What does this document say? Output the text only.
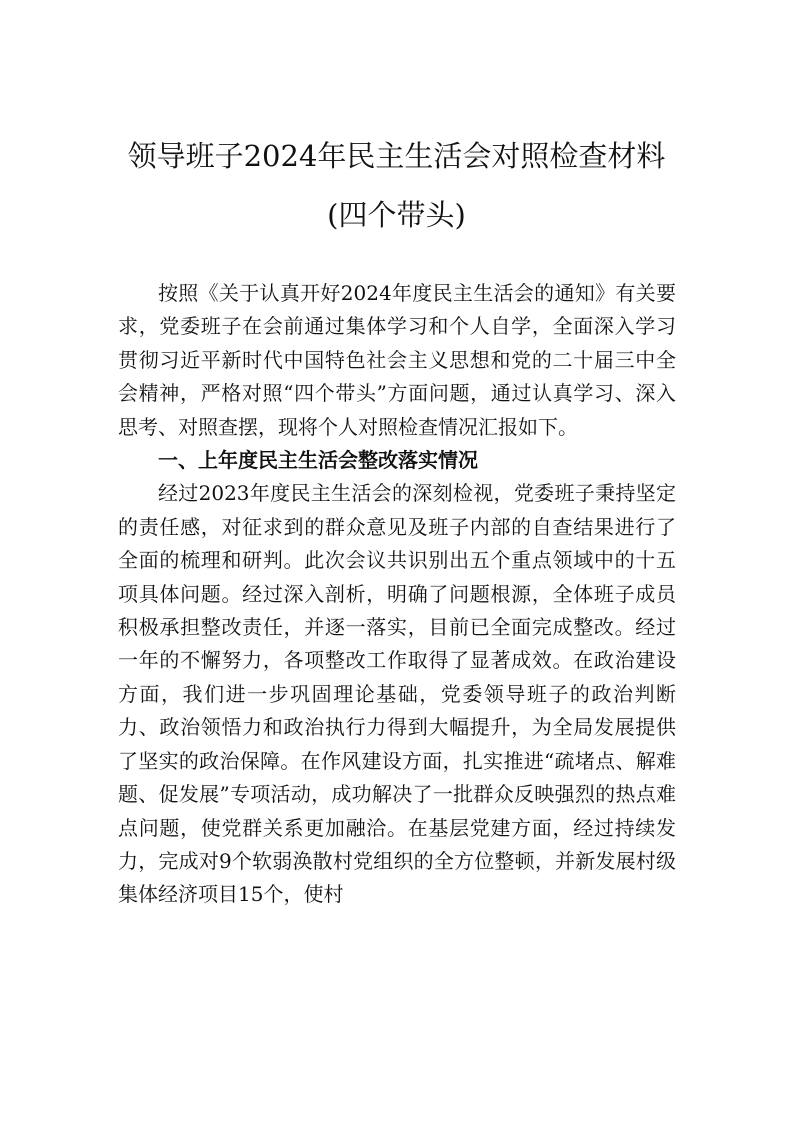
领导班子2024年民主生活会对照检查材料
(四个带头)

按照《关于认真开好2024年度民主生活会的通知》有关要求，党委班子在会前通过集体学习和个人自学，全面深入学习贯彻习近平新时代中国特色社会主义思想和党的二十届三中全会精神，严格对照“四个带头”方面问题，通过认真学习、深入思考、对照查摆，现将个人对照检查情况汇报如下。

一、上年度民主生活会整改落实情况

经过2023年度民主生活会的深刻检视，党委班子秉持坚定的责任感，对征求到的群众意见及班子内部的自查结果进行了全面的梳理和研判。此次会议共识别出五个重点领域中的十五项具体问题。经过深入剖析，明确了问题根源，全体班子成员积极承担整改责任，并逐一落实，目前已全面完成整改。经过一年的不懈努力，各项整改工作取得了显著成效。在政治建设方面，我们进一步巩固理论基础，党委领导班子的政治判断力、政治领悟力和政治执行力得到大幅提升，为全局发展提供了坚实的政治保障。在作风建设方面，扎实推进“疏堵点、解难题、促发展”专项活动，成功解决了一批群众反映强烈的热点难点问题，使党群关系更加融洽。在基层党建方面，经过持续发力，完成对9个软弱涣散村党组织的全方位整顿，并新发展村级集体经济项目15个，使村
